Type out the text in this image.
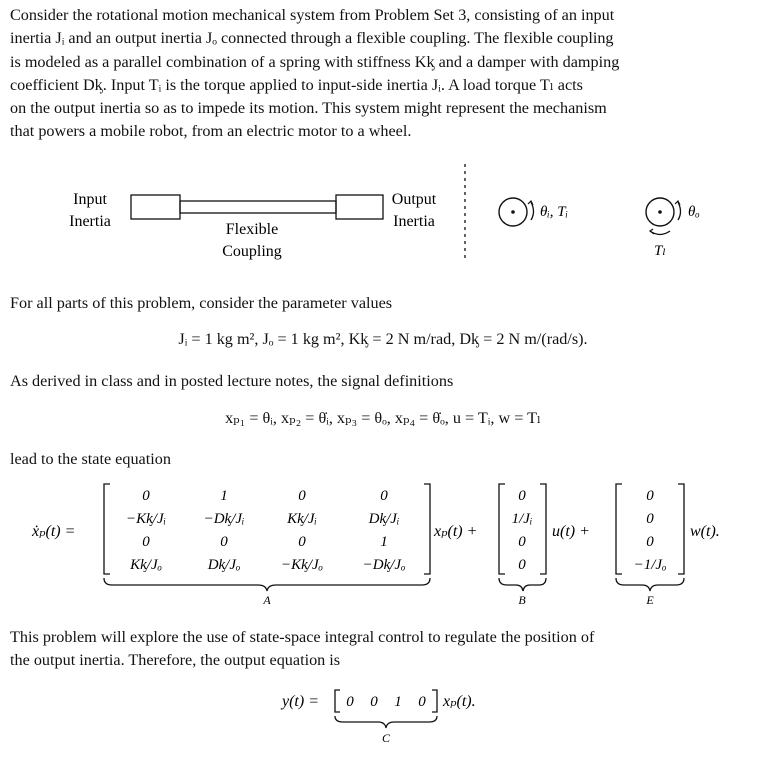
Consider the rotational motion mechanical system from Problem Set 3, consisting of an input
inertia Jᵢ and an output inertia Jₒ connected through a flexible coupling. The flexible coupling
is modeled as a parallel combination of a spring with stiffness Kᶄ and a damper with damping
coefficient Dᶄ. Input Tᵢ is the torque applied to input-side inertia Jᵢ. A load torque Tₗ acts
on the output inertia so as to impede its motion. This system might represent the mechanism
that powers a mobile robot, from an electric motor to a wheel.
Input
Inertia	Flexible
Coupling
Output
Inertia
θᵢ, Tᵢ	θₒ
Tₗ
For all parts of this problem, consider the parameter values
Jᵢ = 1 kg m², Jₒ = 1 kg m², Kᶄ = 2 N m/rad, Dᶄ = 2 N m/(rad/s).
As derived in class and in posted lecture notes, the signal definitions
xₚ₁ = θᵢ, xₚ₂ = θ̇ᵢ, xₚ₃ = θₒ, xₚ₄ = θ̇ₒ, u = Tᵢ, w = Tₗ
lead to the state equation
ẋₚ(t) =
0	1	0	0
−Kᶄ/Jᵢ	−Dᶄ/Jᵢ	Kᶄ/Jᵢ	Dᶄ/Jᵢ
0	0	0	1
Kᶄ/Jₒ	Dᶄ/Jₒ	−Kᶄ/Jₒ	−Dᶄ/Jₒ
A
xₚ(t) +
0
1/Jᵢ
0
0
B
u(t) +
0
0
0
−1/Jₒ
E
w(t).
This problem will explore the use of state-space integral control to regulate the position of
the output inertia. Therefore, the output equation is
y(t) = 0 0 1 0
C
xₚ(t).
